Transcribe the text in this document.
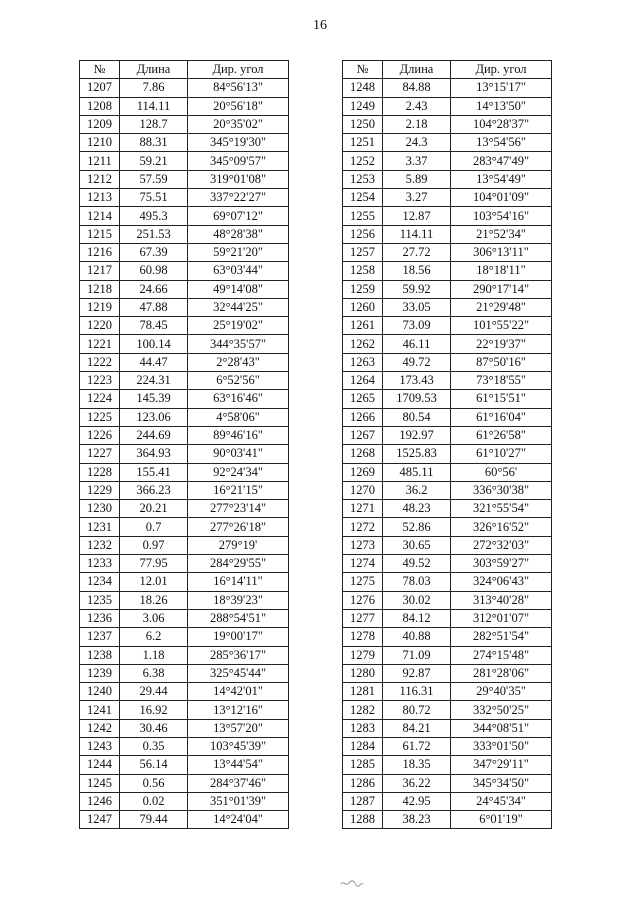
16
№	Длина	Дир. угол
1207	7.86	84°56'13"
1208	114.11	20°56'18"
1209	128.7	20°35'02"
1210	88.31	345°19'30"
1211	59.21	345°09'57"
1212	57.59	319°01'08"
1213	75.51	337°22'27"
1214	495.3	69°07'12"
1215	251.53	48°28'38"
1216	67.39	59°21'20"
1217	60.98	63°03'44"
1218	24.66	49°14'08"
1219	47.88	32°44'25"
1220	78.45	25°19'02"
1221	100.14	344°35'57"
1222	44.47	2°28'43"
1223	224.31	6°52'56"
1224	145.39	63°16'46"
1225	123.06	4°58'06"
1226	244.69	89°46'16"
1227	364.93	90°03'41"
1228	155.41	92°24'34"
1229	366.23	16°21'15"
1230	20.21	277°23'14"
1231	0.7	277°26'18"
1232	0.97	279°19'
1233	77.95	284°29'55"
1234	12.01	16°14'11"
1235	18.26	18°39'23"
1236	3.06	288°54'51"
1237	6.2	19°00'17"
1238	1.18	285°36'17"
1239	6.38	325°45'44"
1240	29.44	14°42'01"
1241	16.92	13°12'16"
1242	30.46	13°57'20"
1243	0.35	103°45'39"
1244	56.14	13°44'54"
1245	0.56	284°37'46"
1246	0.02	351°01'39"
1247	79.44	14°24'04"
№	Длина	Дир. угол
1248	84.88	13°15'17"
1249	2.43	14°13'50"
1250	2.18	104°28'37"
1251	24.3	13°54'56"
1252	3.37	283°47'49"
1253	5.89	13°54'49"
1254	3.27	104°01'09"
1255	12.87	103°54'16"
1256	114.11	21°52'34"
1257	27.72	306°13'11"
1258	18.56	18°18'11"
1259	59.92	290°17'14"
1260	33.05	21°29'48"
1261	73.09	101°55'22"
1262	46.11	22°19'37"
1263	49.72	87°50'16"
1264	173.43	73°18'55"
1265	1709.53	61°15'51"
1266	80.54	61°16'04"
1267	192.97	61°26'58"
1268	1525.83	61°10'27"
1269	485.11	60°56'
1270	36.2	336°30'38"
1271	48.23	321°55'54"
1272	52.86	326°16'52"
1273	30.65	272°32'03"
1274	49.52	303°59'27"
1275	78.03	324°06'43"
1276	30.02	313°40'28"
1277	84.12	312°01'07"
1278	40.88	282°51'54"
1279	71.09	274°15'48"
1280	92.87	281°28'06"
1281	116.31	29°40'35"
1282	80.72	332°50'25"
1283	84.21	344°08'51"
1284	61.72	333°01'50"
1285	18.35	347°29'11"
1286	36.22	345°34'50"
1287	42.95	24°45'34"
1288	38.23	6°01'19"
